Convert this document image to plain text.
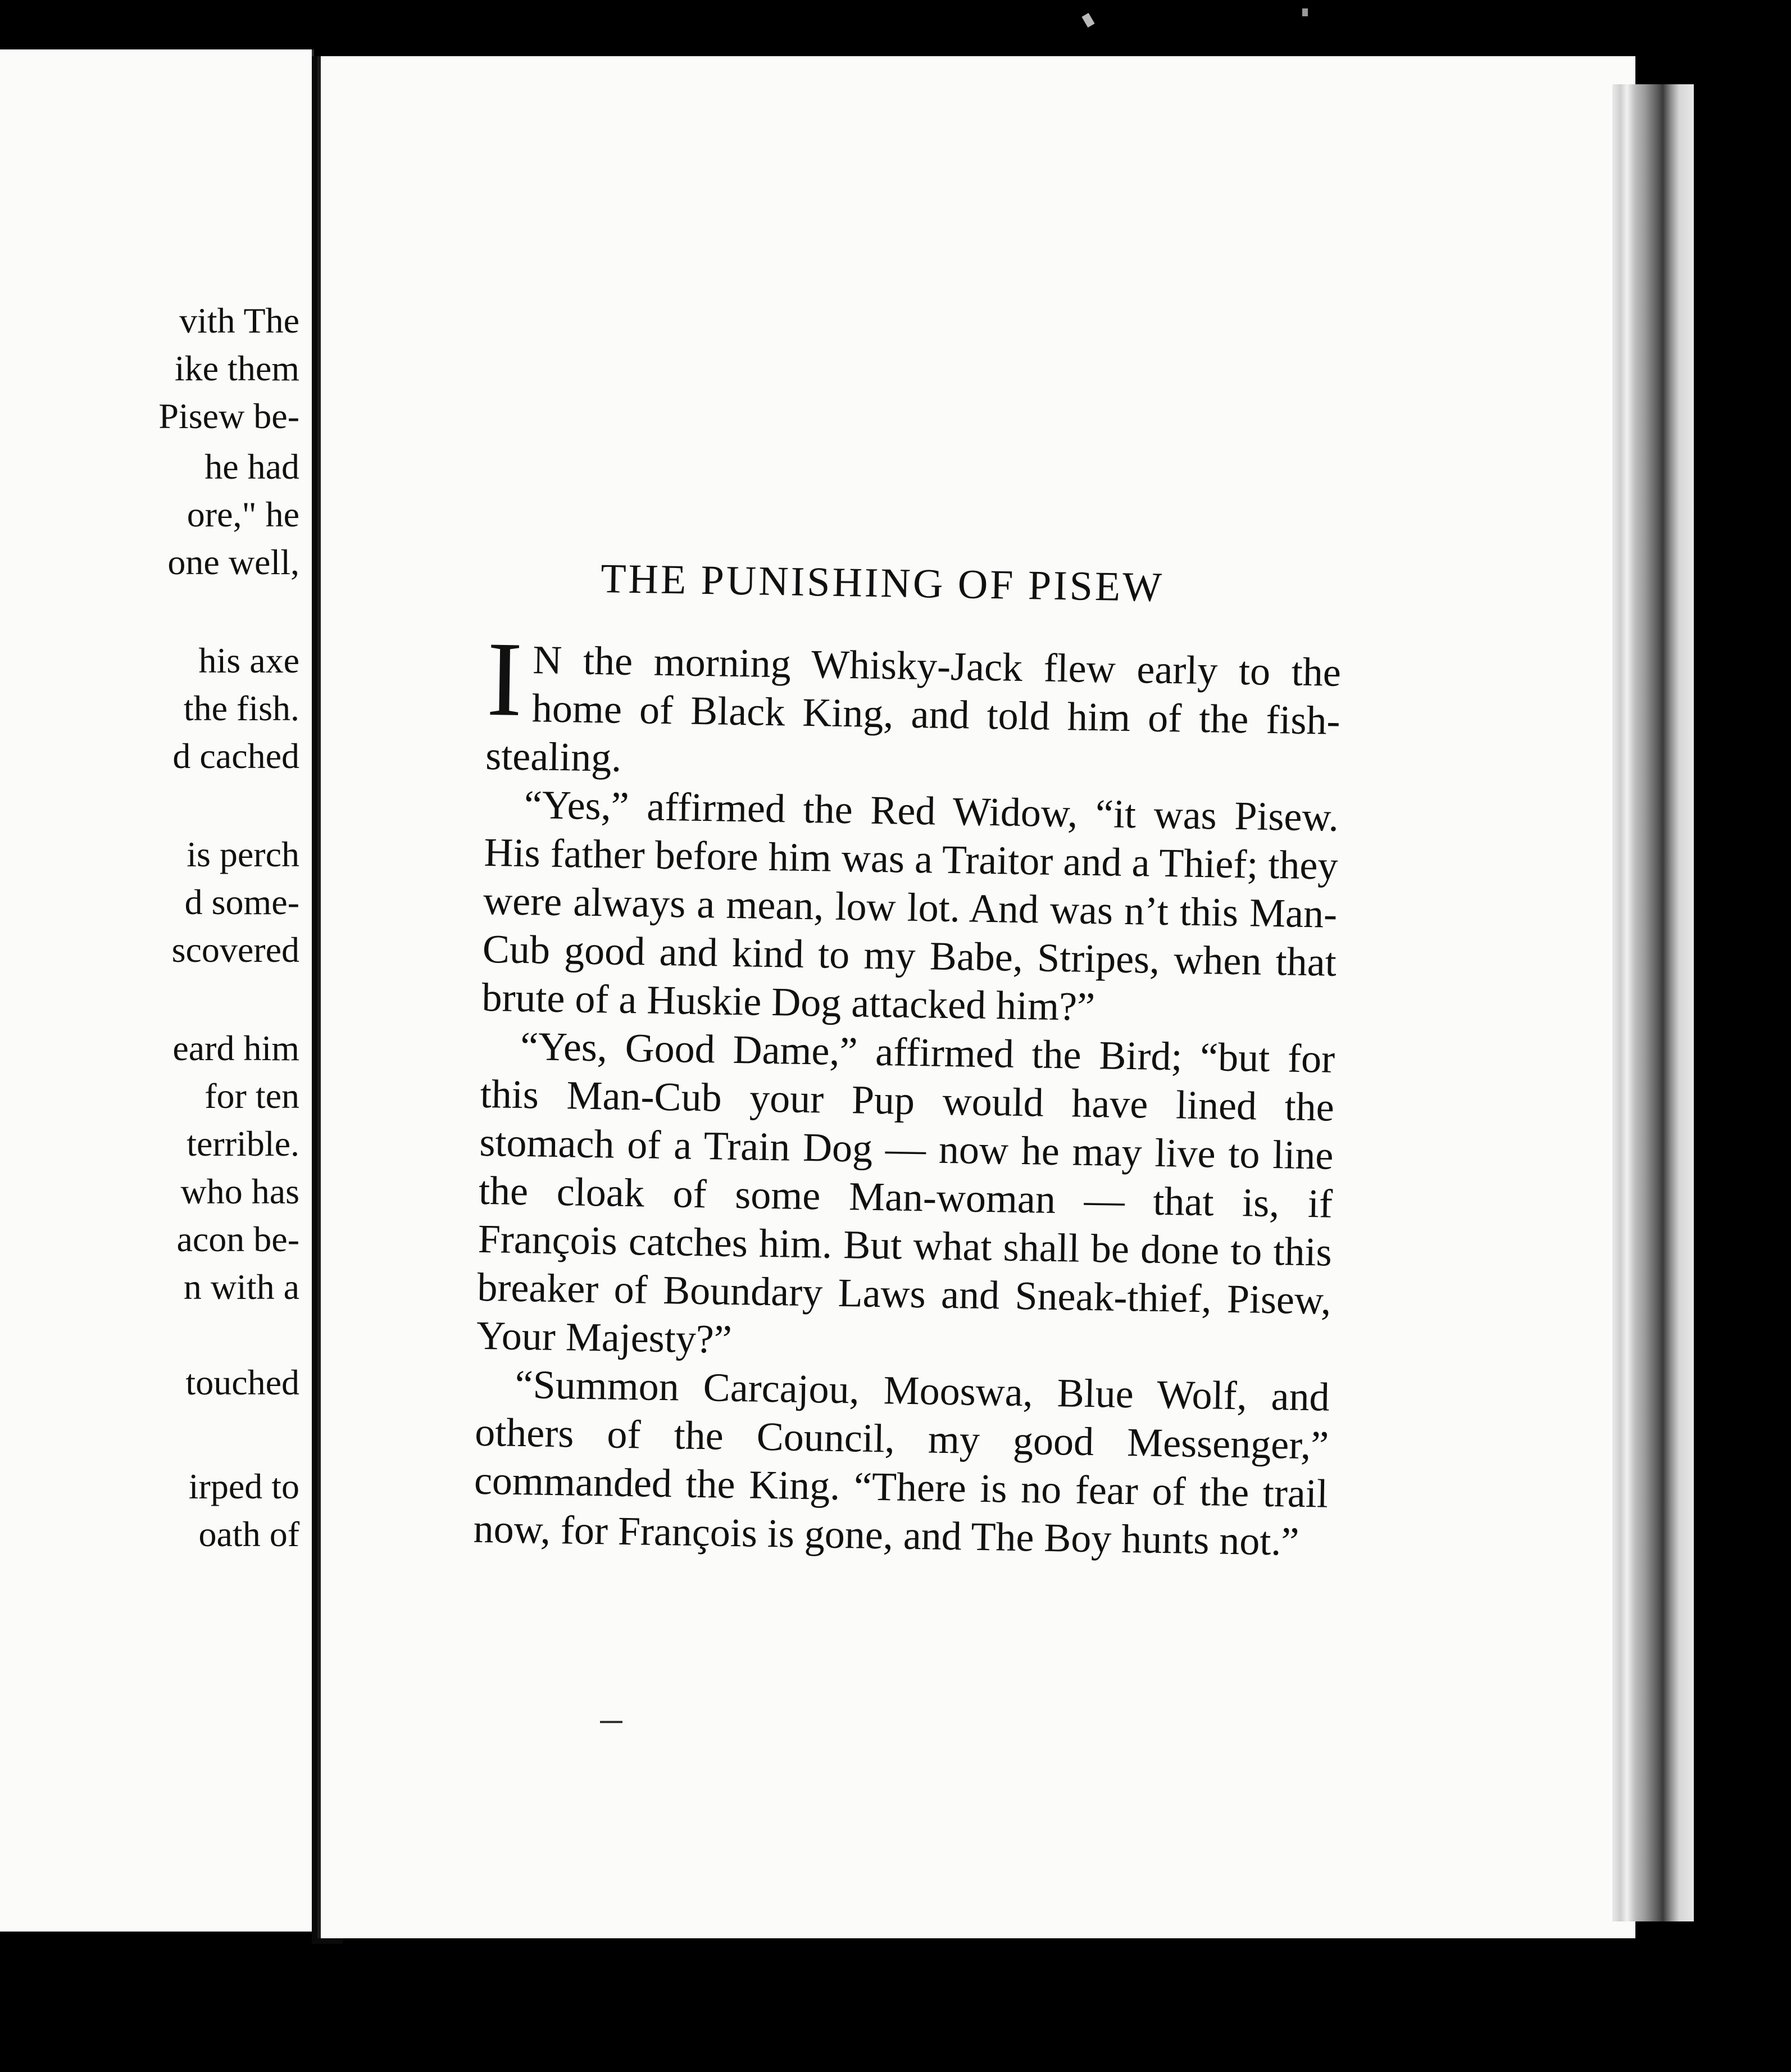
vith The
ike them
Pisew be-
he had
ore," he
one well,
his axe
the fish.
d cached
is perch
d some-
scovered
eard him
for ten
terrible.
who has
acon be-
n with a
touched
irped to
oath of
THE PUNISHING OF PISEW

I N the morning Whisky-Jack flew early to the home of Black King, and told him of the fish-stealing.

“Yes,” affirmed the Red Widow, “it was Pisew. His father before him was a Traitor and a Thief; they were always a mean, low lot. And was n’t this Man-Cub good and kind to my Babe, Stripes, when that brute of a Huskie Dog attacked him?”

“Yes, Good Dame,” affirmed the Bird; “but for this Man-Cub your Pup would have lined the stomach of a Train Dog — now he may live to line the cloak of some Man-woman — that is, if François catches him. But what shall be done to this breaker of Boundary Laws and Sneak-thief, Pisew, Your Majesty?”

“Summon Carcajou, Mooswa, Blue Wolf, and others of the Council, my good Messenger,” commanded the King. “There is no fear of the trail now, for François is gone, and The Boy hunts not.”
